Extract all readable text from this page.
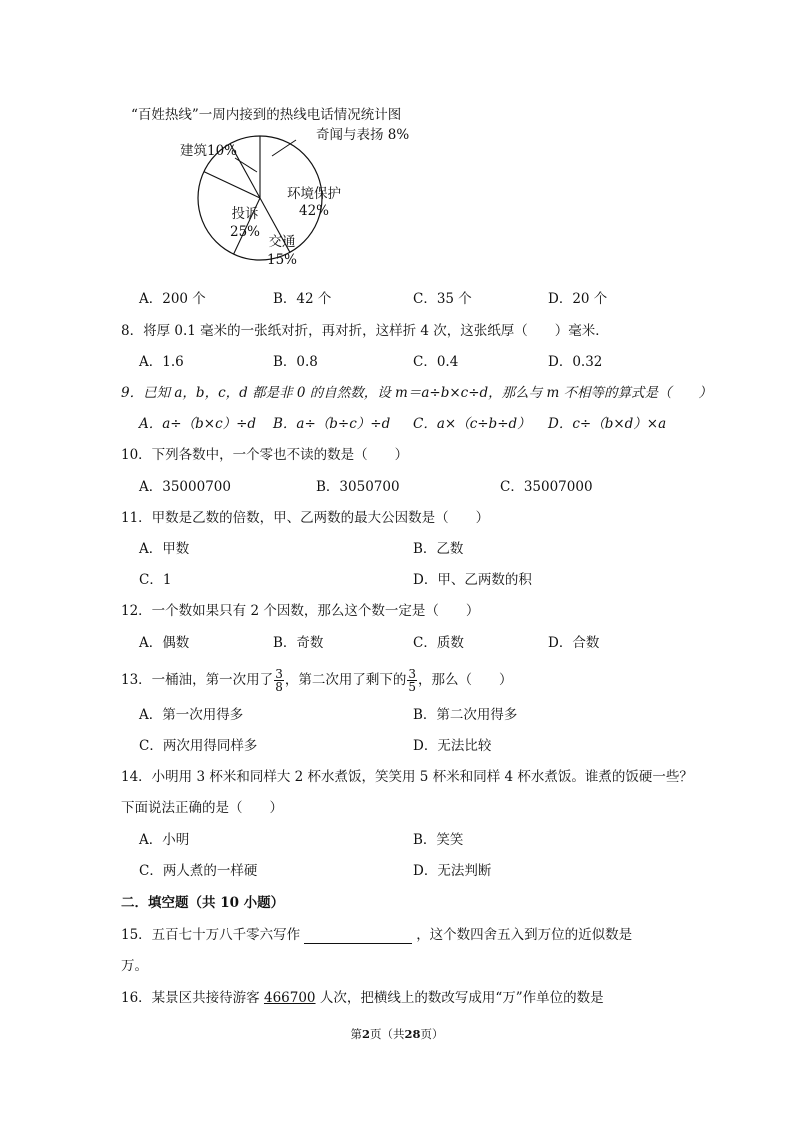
“百姓热线”一周内接到的热线电话情况统计图
环境保护
42%
交通
15%
投诉
25%
建筑10%
奇闻与表扬 8%
A．200 个	B．42 个	C．35 个	D．20 个
8．将厚 0.1 毫米的一张纸对折，再对折，这样折 4 次，这张纸厚（　　）毫米．
A．1.6	B．0.8	C．0.4	D．0.32
9．已知 a，b，c，d 都是非 0 的自然数，设 m＝a÷b×c÷d，那么与 m 不相等的算式是（　　）
A．a÷（b×c）÷d B．a÷（b÷c）÷d C．a×（c÷b÷d） D．c÷（b×d）×a
10．下列各数中，一个零也不读的数是（　　）
A．35000700	B．3050700	C．35007000
11．甲数是乙数的倍数，甲、乙两数的最大公因数是（　　）
A．甲数	B．乙数
C．1	D．甲、乙两数的积
12．一个数如果只有 2 个因数，那么这个数一定是（　　）
A．偶数	B．奇数	C．质数	D．合数
13．一桶油，第一次用了 $\frac{3}{8}$ ，第二次用了剩下的 $\frac{3}{5}$ ，那么（　　）
A．第一次用得多	B．第二次用得多
C．两次用得同样多	D．无法比较
14．小明用 3 杯米和同样大 2 杯水煮饭，笑笑用 5 杯米和同样 4 杯水煮饭。谁煮的饭硬一些？
下面说法正确的是（　　）
A．小明	B．笑笑
C．两人煮的一样硬	D．无法判断
二．填空题（共 10 小题）
15．五百七十万八千零六写作	，这个数四舍五入到万位的近似数是
万。
16．某景区共接待游客 466700 人次，把横线上的数改写成用“万”作单位的数是
第2页（共28页）
